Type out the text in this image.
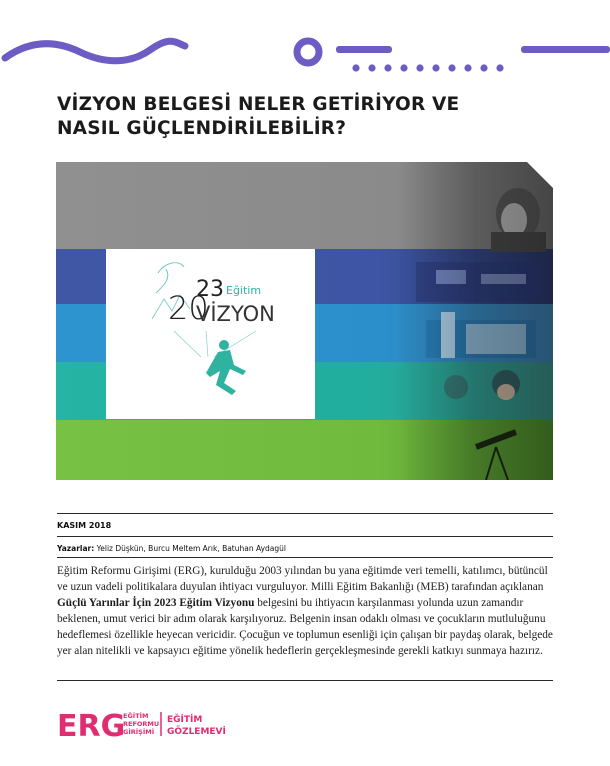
VİZYON BELGESİ NELER GETİRİYOR VE
NASIL GÜÇLENDİRİLEBİLİR?
20
23 Eğitim
VİZYON
KASIM 2018
Yazarlar: Yeliz Düşkün, Burcu Meltem Arık, Batuhan Aydagül

Eğitim Reformu Girişimi (ERG), kurulduğu 2003 yılından bu yana eğitimde veri temelli, katılımcı, bütüncül ve uzun vadeli politikalara duyulan ihtiyacı vurguluyor. Milli Eğitim Bakanlığı (MEB) tarafından açıklanan Güçlü Yarınlar İçin 2023 Eğitim Vizyonu belgesini bu ihtiyacın karşılanması yolunda uzun zamandır beklenen, umut verici bir adım olarak karşılıyoruz. Belgenin insan odaklı olması ve çocukların mutluluğunu hedeflemesi özellikle heyecan vericidir. Çocuğun ve toplumun esenliği için çalışan bir paydaş olarak, belgede yer alan nitelikli ve kapsayıcı eğitime yönelik hedeflerin gerçekleşmesinde gerekli katkıyı sunmaya hazırız.

ERG
EĞİTİM
REFORMU
GİRİŞİMİ
EĞİTİM
GÖZLEMEVİ
